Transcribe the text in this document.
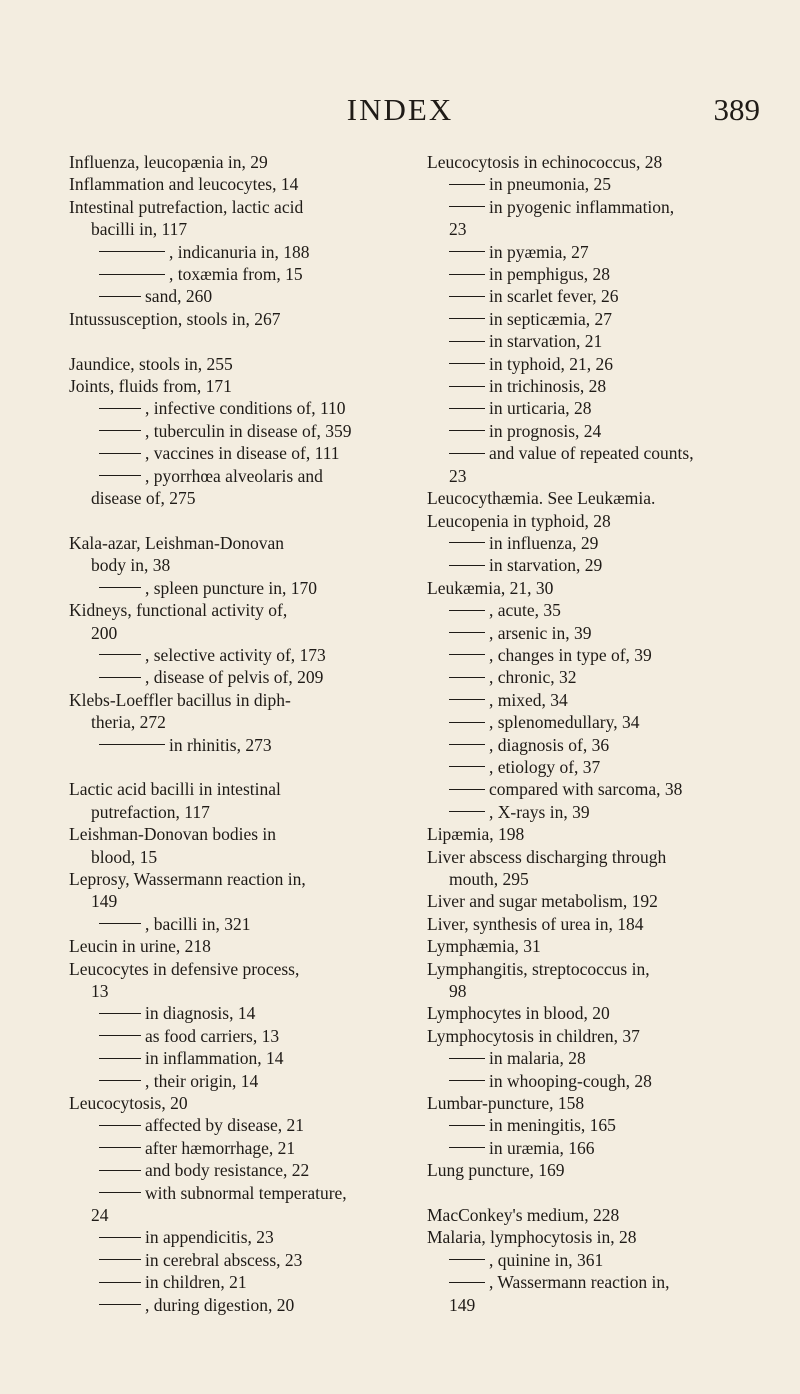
INDEX	389
Influenza, leucopænia in, 29
Inflammation and leucocytes, 14
Intestinal putrefaction, lactic acid
bacilli in, 117
, indicanuria in, 188
, toxæmia from, 15
sand, 260
Intussusception, stools in, 267
Jaundice, stools in, 255
Joints, fluids from, 171
, infective conditions of, 110
, tuberculin in disease of, 359
, vaccines in disease of, 111
, pyorrhœa alveolaris and
disease of, 275
Kala-azar, Leishman-Donovan
body in, 38
, spleen puncture in, 170
Kidneys, functional activity of,
200
, selective activity of, 173
, disease of pelvis of, 209
Klebs-Loeffler bacillus in diph-
theria, 272
in rhinitis, 273
Lactic acid bacilli in intestinal
putrefaction, 117
Leishman-Donovan bodies in
blood, 15
Leprosy, Wassermann reaction in,
149
, bacilli in, 321
Leucin in urine, 218
Leucocytes in defensive process,
13
in diagnosis, 14
as food carriers, 13
in inflammation, 14
, their origin, 14
Leucocytosis, 20
affected by disease, 21
after hæmorrhage, 21
and body resistance, 22
with subnormal temperature,
24
in appendicitis, 23
in cerebral abscess, 23
in children, 21
, during digestion, 20
Leucocytosis in echinococcus, 28
in pneumonia, 25
in pyogenic inflammation,
23
in pyæmia, 27
in pemphigus, 28
in scarlet fever, 26
in septicæmia, 27
in starvation, 21
in typhoid, 21, 26
in trichinosis, 28
in urticaria, 28
in prognosis, 24
and value of repeated counts,
23
Leucocythæmia. See Leukæmia.
Leucopenia in typhoid, 28
in influenza, 29
in starvation, 29
Leukæmia, 21, 30
, acute, 35
, arsenic in, 39
, changes in type of, 39
, chronic, 32
, mixed, 34
, splenomedullary, 34
, diagnosis of, 36
, etiology of, 37
compared with sarcoma, 38
, X-rays in, 39
Lipæmia, 198
Liver abscess discharging through
mouth, 295
Liver and sugar metabolism, 192
Liver, synthesis of urea in, 184
Lymphæmia, 31
Lymphangitis, streptococcus in,
98
Lymphocytes in blood, 20
Lymphocytosis in children, 37
in malaria, 28
in whooping-cough, 28
Lumbar-puncture, 158
in meningitis, 165
in uræmia, 166
Lung puncture, 169
MacConkey's medium, 228
Malaria, lymphocytosis in, 28
, quinine in, 361
, Wassermann reaction in,
149
